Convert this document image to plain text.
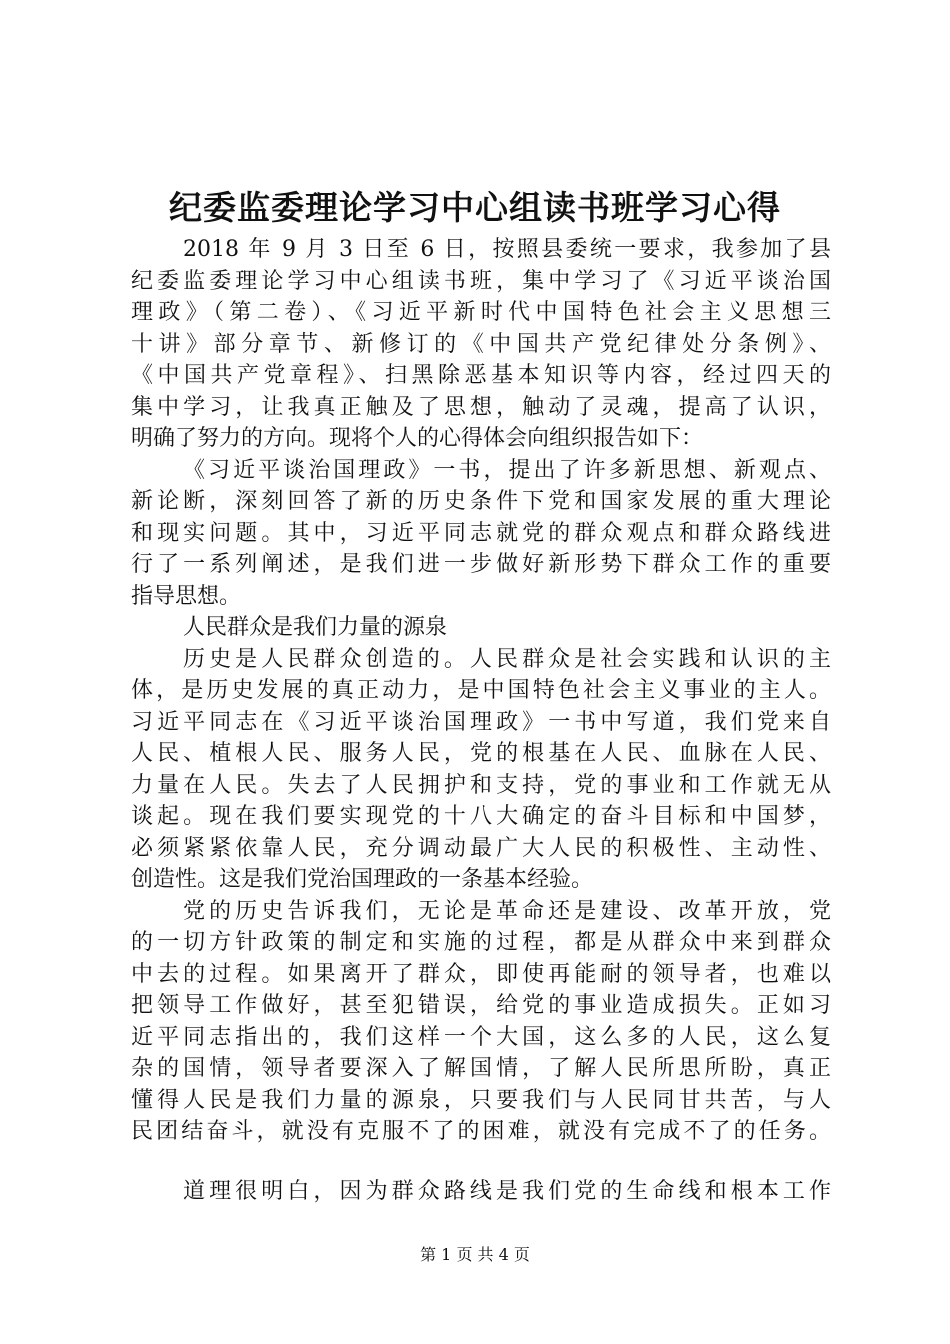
纪委监委理论学习中心组读书班学习心得
2018 年 9 月 3 日至 6 日，按照县委统一要求，我参加了县
纪委监委理论学习中心组读书班，集中学习了《习近平谈治国
理政》（第二卷）、《习近平新时代中国特色社会主义思想三
十讲》部分章节、新修订的《中国共产党纪律处分条例》、
《中国共产党章程》、扫黑除恶基本知识等内容，经过四天的
集中学习，让我真正触及了思想，触动了灵魂，提高了认识，
明确了努力的方向。现将个人的心得体会向组织报告如下：
《习近平谈治国理政》一书，提出了许多新思想、新观点、
新论断，深刻回答了新的历史条件下党和国家发展的重大理论
和现实问题。其中，习近平同志就党的群众观点和群众路线进
行了一系列阐述，是我们进一步做好新形势下群众工作的重要
指导思想。
人民群众是我们力量的源泉
历史是人民群众创造的。人民群众是社会实践和认识的主
体，是历史发展的真正动力，是中国特色社会主义事业的主人。
习近平同志在《习近平谈治国理政》一书中写道，我们党来自
人民、植根人民、服务人民，党的根基在人民、血脉在人民、
力量在人民。失去了人民拥护和支持，党的事业和工作就无从
谈起。现在我们要实现党的十八大确定的奋斗目标和中国梦，
必须紧紧依靠人民，充分调动最广大人民的积极性、主动性、
创造性。这是我们党治国理政的一条基本经验。
党的历史告诉我们，无论是革命还是建设、改革开放，党
的一切方针政策的制定和实施的过程，都是从群众中来到群众
中去的过程。如果离开了群众，即使再能耐的领导者，也难以
把领导工作做好，甚至犯错误，给党的事业造成损失。正如习
近平同志指出的，我们这样一个大国，这么多的人民，这么复
杂的国情，领导者要深入了解国情，了解人民所思所盼，真正
懂得人民是我们力量的源泉，只要我们与人民同甘共苦，与人
民团结奋斗，就没有克服不了的困难，就没有完成不了的任务。
道理很明白，因为群众路线是我们党的生命线和根本工作
第 1 页 共 4 页
